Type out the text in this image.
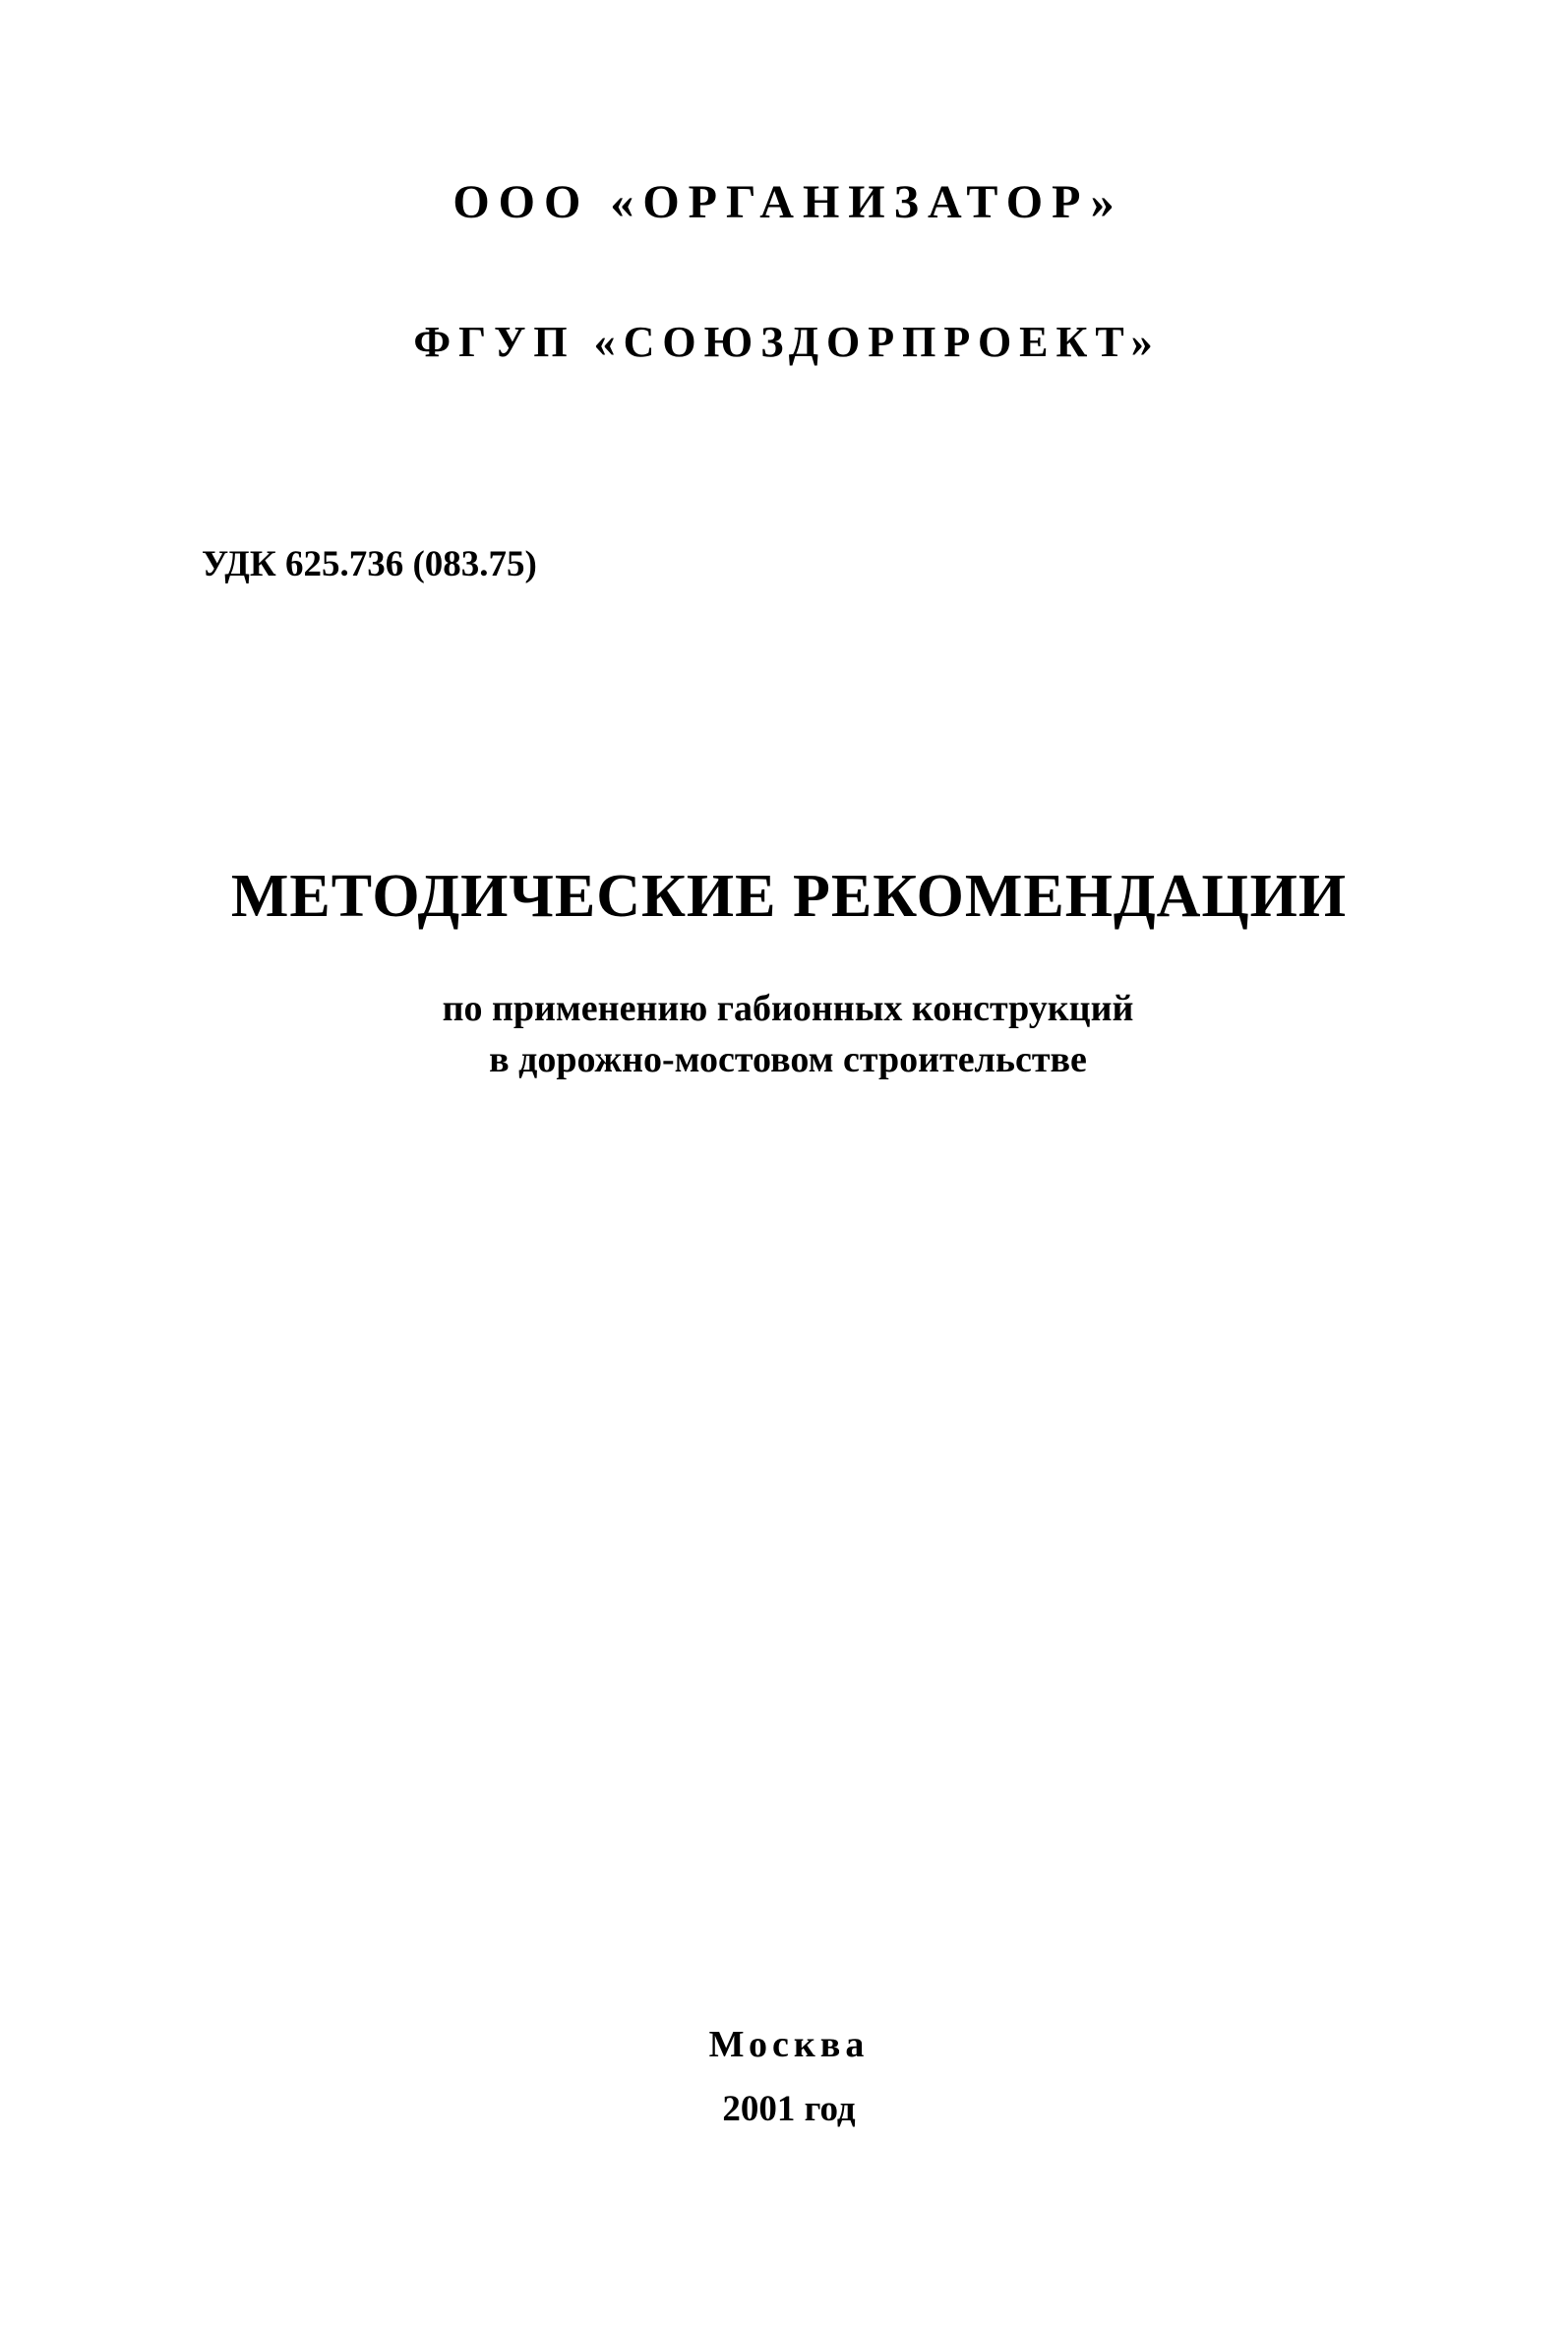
ООО «ОРГАНИЗАТОР»
ФГУП «СОЮЗДОРПРОЕКТ»
УДК 625.736 (083.75)
МЕТОДИЧЕСКИЕ РЕКОМЕНДАЦИИ
по применению габионных конструкций
в дорожно-мостовом строительстве
Москва
2001 год
